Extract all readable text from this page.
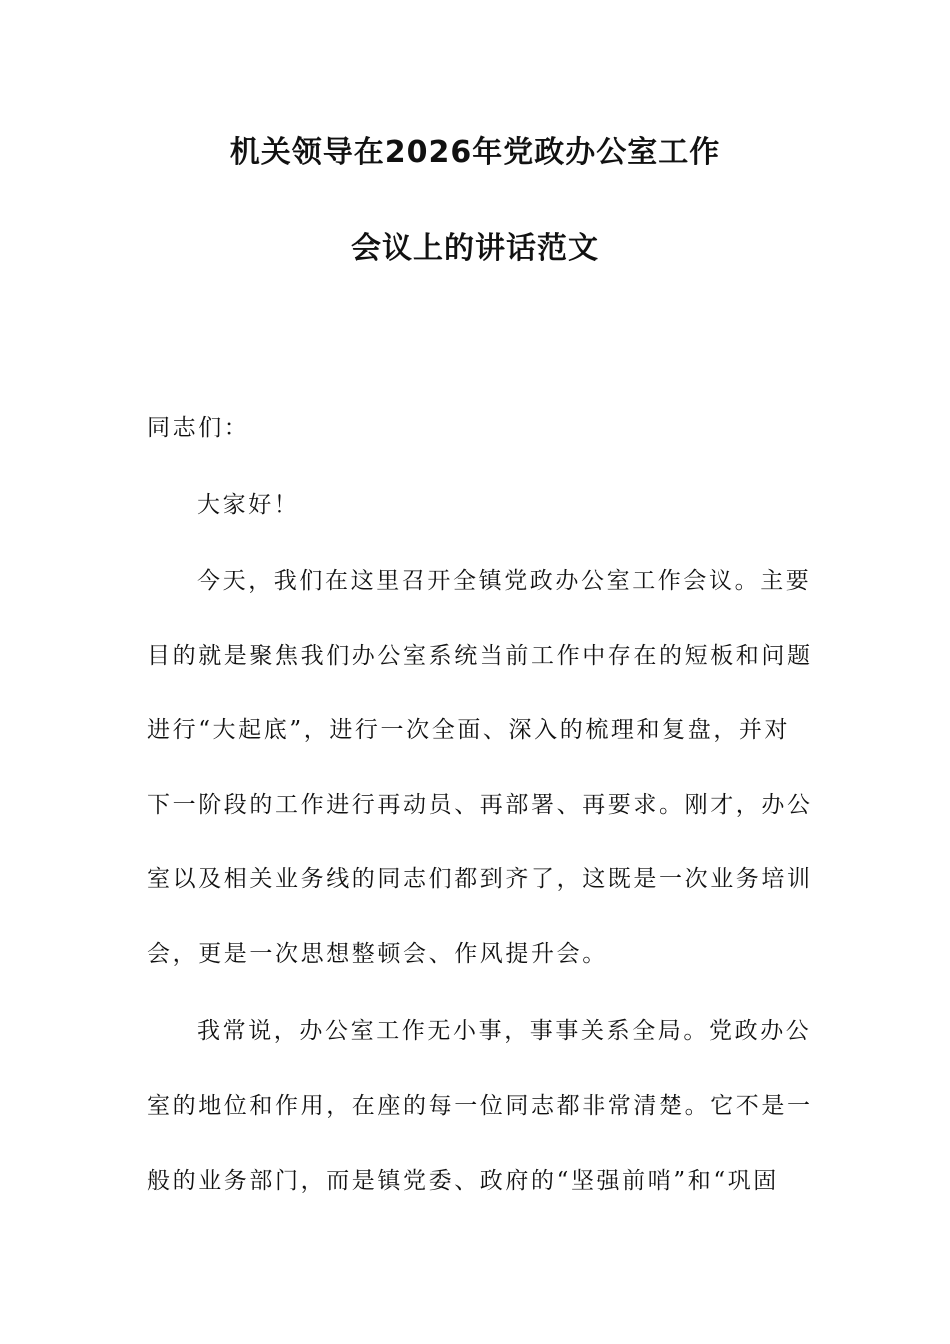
机关领导在2026年党政办公室工作
会议上的讲话范文
同志们：
大家好！
今天，我们在这里召开全镇党政办公室工作会议。主要
目的就是聚焦我们办公室系统当前工作中存在的短板和问题
进行“大起底”，进行一次全面、深入的梳理和复盘，并对
下一阶段的工作进行再动员、再部署、再要求。刚才，办公
室以及相关业务线的同志们都到齐了，这既是一次业务培训
会，更是一次思想整顿会、作风提升会。
我常说，办公室工作无小事，事事关系全局。党政办公
室的地位和作用，在座的每一位同志都非常清楚。它不是一
般的业务部门，而是镇党委、政府的“坚强前哨”和“巩固
